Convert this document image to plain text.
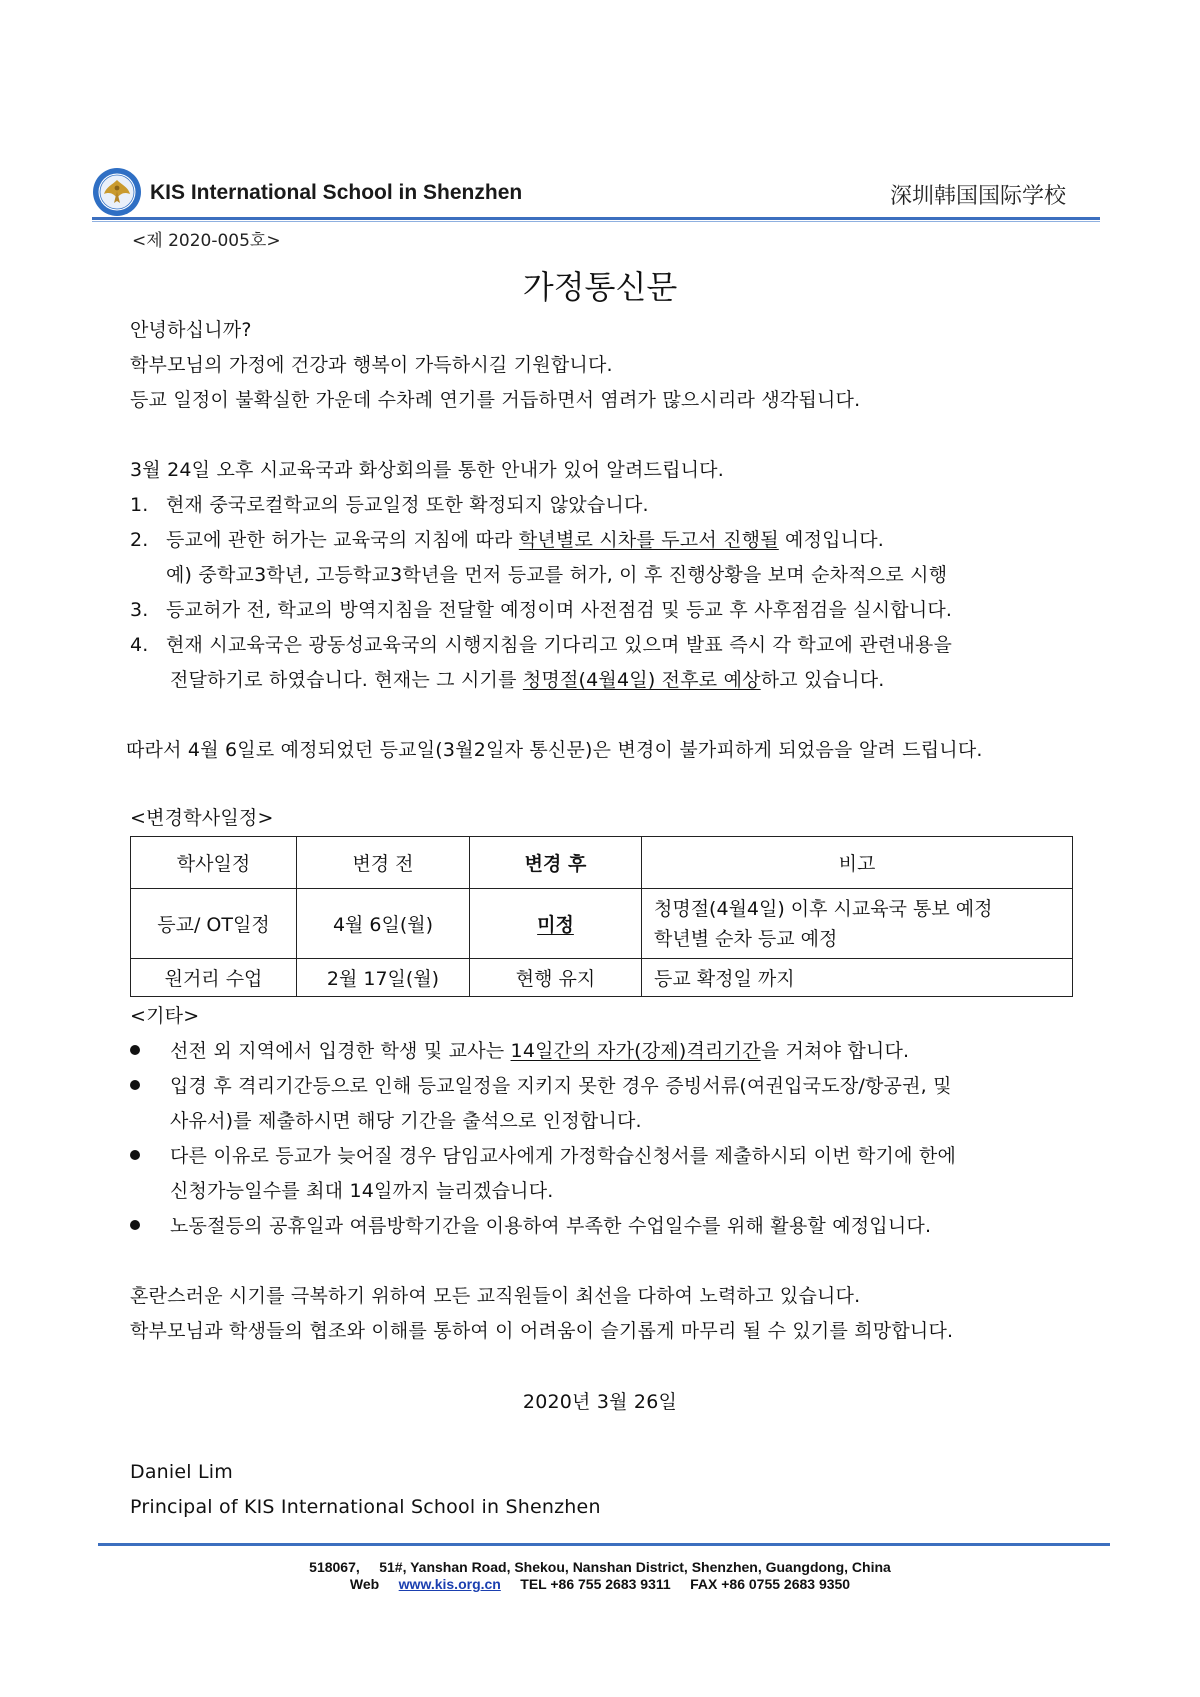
KIS International School in Shenzhen	深圳韩国国际学校
<제 2020-005호>
가정통신문
안녕하십니까?
학부모님의 가정에 건강과 행복이 가득하시길 기원합니다.
등교 일정이 불확실한 가운데 수차례 연기를 거듭하면서 염려가 많으시리라 생각됩니다.
3월 24일 오후 시교육국과 화상회의를 통한 안내가 있어 알려드립니다.
1. 현재 중국로컬학교의 등교일정 또한 확정되지 않았습니다.
2. 등교에 관한 허가는 교육국의 지침에 따라 학년별로 시차를 두고서 진행될 예정입니다.
예) 중학교3학년, 고등학교3학년을 먼저 등교를 허가, 이 후 진행상황을 보며 순차적으로 시행
3. 등교허가 전, 학교의 방역지침을 전달할 예정이며 사전점검 및 등교 후 사후점검을 실시합니다.
4. 현재 시교육국은 광동성교육국의 시행지침을 기다리고 있으며 발표 즉시 각 학교에 관련내용을
전달하기로 하였습니다. 현재는 그 시기를 청명절(4월4일) 전후로 예상하고 있습니다.
따라서 4월 6일로 예정되었던 등교일(3월2일자 통신문)은 변경이 불가피하게 되었음을 알려 드립니다.
<변경학사일정>
학사일정	변경 전	변경 후	비고
등교/ OT일정	4월 6일(월)	미정	청명절(4월4일) 이후 시교육국 통보 예정
학년별 순차 등교 예정

원거리 수업	2월 17일(월)	현행 유지	등교 확정일 까지
<기타>
선전 외 지역에서 입경한 학생 및 교사는 14일간의 자가(강제)격리기간을 거쳐야 합니다.
입경 후 격리기간등으로 인해 등교일정을 지키지 못한 경우 증빙서류(여권입국도장/항공권, 및
사유서)를 제출하시면 해당 기간을 출석으로 인정합니다.
다른 이유로 등교가 늦어질 경우 담임교사에게 가정학습신청서를 제출하시되 이번 학기에 한에
신청가능일수를 최대 14일까지 늘리겠습니다.
노동절등의 공휴일과 여름방학기간을 이용하여 부족한 수업일수를 위해 활용할 예정입니다.
혼란스러운 시기를 극복하기 위하여 모든 교직원들이 최선을 다하여 노력하고 있습니다.
학부모님과 학생들의 협조와 이해를 통하여 이 어려움이 슬기롭게 마무리 될 수 있기를 희망합니다.
2020년 3월 26일
Daniel Lim
Principal of KIS International School in Shenzhen
518067,     51#, Yanshan Road, Shekou, Nanshan District, Shenzhen, Guangdong, China
Web www.kis.org.cn TEL +86 755 2683 9311 FAX +86 0755 2683 9350
